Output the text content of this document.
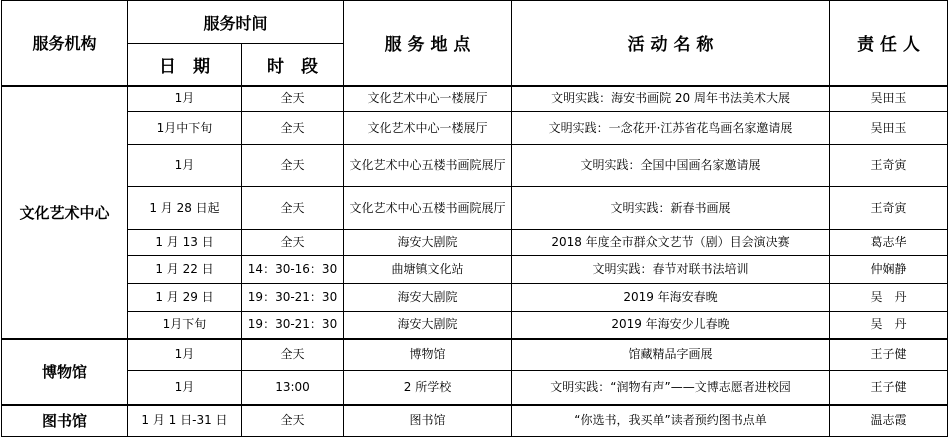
服务机构	服务时间		服 务 地 点	活 动 名 称	责 任 人
	日　期	时　段			
文化艺术中心	1月	全天	文化艺术中心一楼展厅	文明实践：海安书画院 20 周年书法美术大展	吴田玉
	1月中下旬	全天	文化艺术中心一楼展厅	文明实践：一念花开·江苏省花鸟画名家邀请展	吴田玉
	1月	全天	文化艺术中心五楼书画院展厅	文明实践：全国中国画名家邀请展	王奇寅
	1 月 28 日起	全天	文化艺术中心五楼书画院展厅	文明实践：新春书画展	王奇寅
	1 月 13 日	全天	海安大剧院	2018 年度全市群众文艺节（剧）目会演决赛	葛志华
	1 月 22 日	14：30-16：30	曲塘镇文化站	文明实践：春节对联书法培训	仲娴静
	1 月 29 日	19：30-21：30	海安大剧院	2019 年海安春晚	吴　丹
	1月下旬	19：30-21：30	海安大剧院	2019 年海安少儿春晚	吴　丹
博物馆	1月	全天	博物馆	馆藏精品字画展	王子健
	1月	13:00	2 所学校	文明实践：“润物有声”——文博志愿者进校园	王子健
图书馆	1 月 1 日-31 日	全天	图书馆	“你选书，我买单”读者预约图书点单	温志霞
